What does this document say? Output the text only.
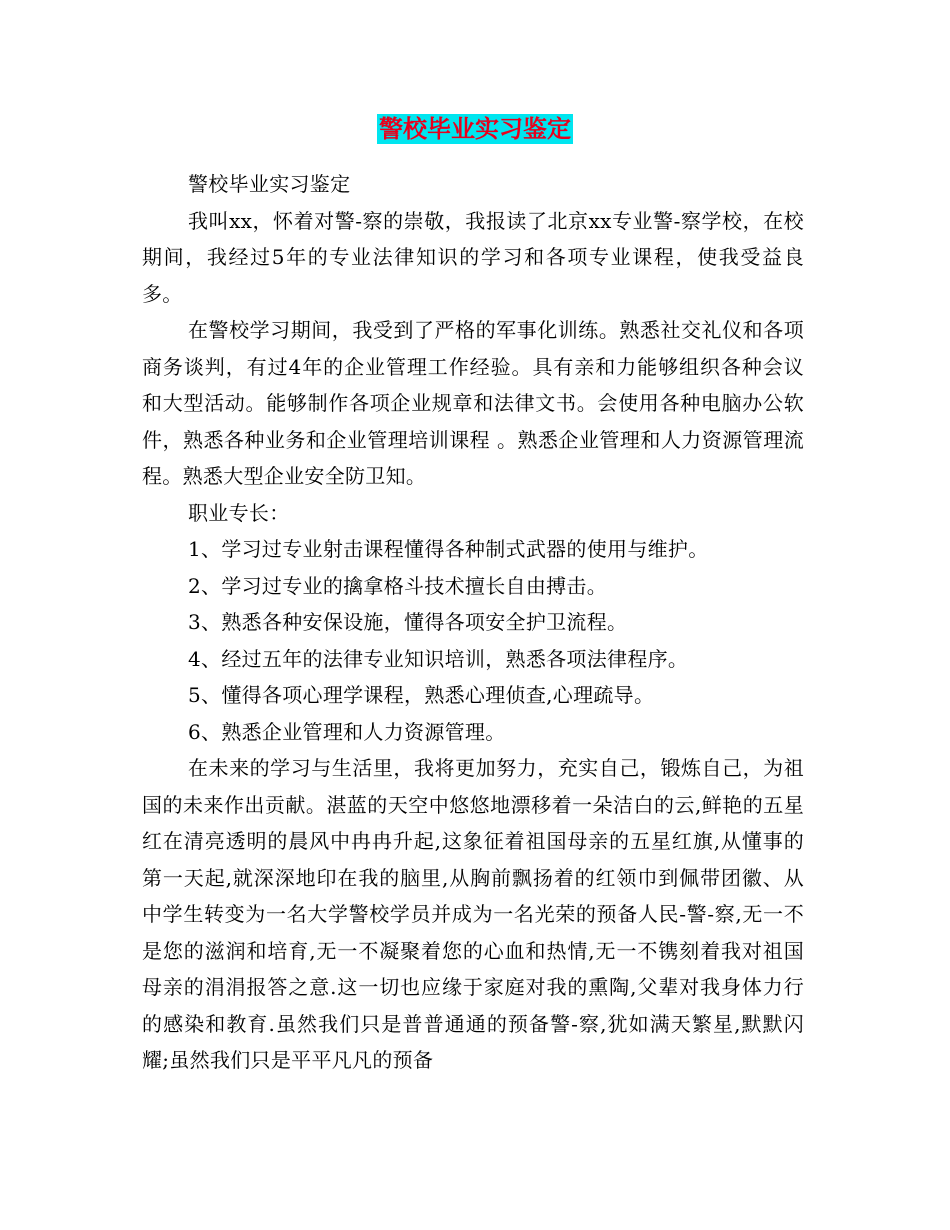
警校毕业实习鉴定

警校毕业实习鉴定

我叫xx，怀着对警-察的崇敬，我报读了北京xx专业警-察学校，在校期间，我经过5年的专业法律知识的学习和各项专业课程，使我受益良多。

在警校学习期间，我受到了严格的军事化训练。熟悉社交礼仪和各项商务谈判，有过4年的企业管理工作经验。具有亲和力能够组织各种会议和大型活动。能够制作各项企业规章和法律文书。会使用各种电脑办公软件，熟悉各种业务和企业管理培训课程 。熟悉企业管理和人力资源管理流程。熟悉大型企业安全防卫知。

职业专长：

1、学习过专业射击课程懂得各种制式武器的使用与维护。

2、学习过专业的擒拿格斗技术擅长自由搏击。

3、熟悉各种安保设施，懂得各项安全护卫流程。

4、经过五年的法律专业知识培训，熟悉各项法律程序。

5、懂得各项心理学课程，熟悉心理侦查,心理疏导。

6、熟悉企业管理和人力资源管理。

在未来的学习与生活里，我将更加努力，充实自己，锻炼自己，为祖国的未来作出贡献。湛蓝的天空中悠悠地漂移着一朵洁白的云,鲜艳的五星红在清亮透明的晨风中冉冉升起,这象征着祖国母亲的五星红旗,从懂事的第一天起,就深深地印在我的脑里,从胸前飘扬着的红领巾到佩带团徽、从中学生转变为一名大学警校学员并成为一名光荣的预备人民-警-察,无一不是您的滋润和培育,无一不凝聚着您的心血和热情,无一不镌刻着我对祖国母亲的涓涓报答之意.这一切也应缘于家庭对我的熏陶,父辈对我身体力行的感染和教育.虽然我们只是普普通通的预备警-察,犹如满天繁星,默默闪耀;虽然我们只是平平凡凡的预备
